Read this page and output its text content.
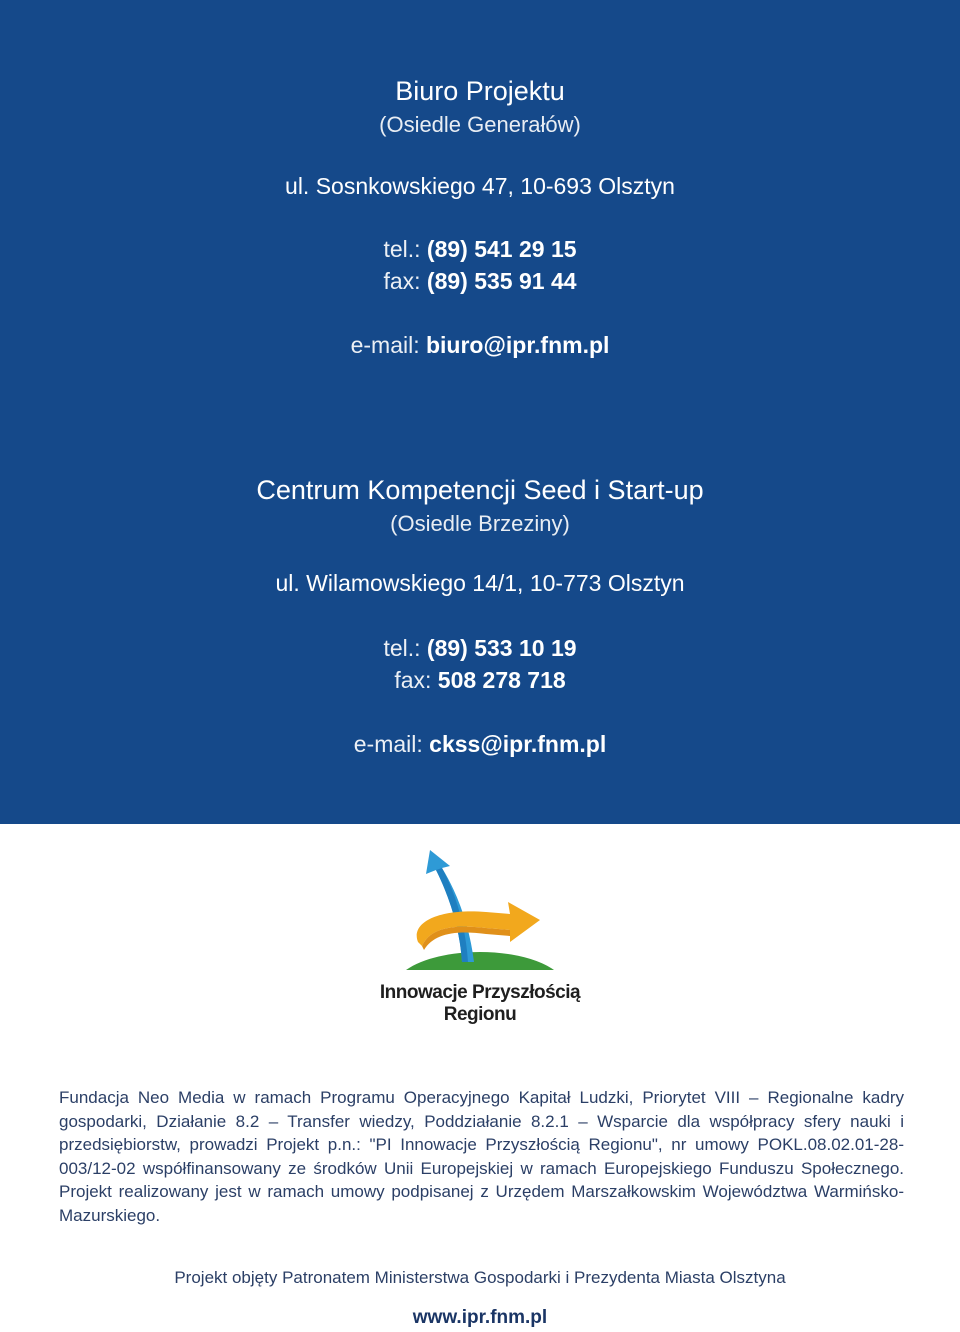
Biuro Projektu
(Osiedle Generałów)
ul. Sosnkowskiego 47, 10-693 Olsztyn
tel.: (89) 541 29 15
fax: (89) 535 91 44
e-mail: biuro@ipr.fnm.pl
Centrum Kompetencji Seed i Start-up
(Osiedle Brzeziny)
ul. Wilamowskiego 14/1, 10-773 Olsztyn
tel.: (89) 533 10 19
fax: 508 278 718
e-mail: ckss@ipr.fnm.pl
Innowacje Przyszłością
Regionu
Fundacja Neo Media w ramach Programu Operacyjnego Kapitał Ludzki, Priorytet VIII – Regionalne kadry gospodarki, Działanie 8.2 – Transfer wiedzy, Poddziałanie 8.2.1 – Wsparcie dla współpracy sfery nauki i przedsiębiorstw, prowadzi Projekt p.n.: "PI Innowacje Przyszłością Regionu", nr umowy POKL.08.02.01-28-003/12-02 współfinansowany ze środków Unii Europejskiej w ramach Europejskiego Funduszu Społecznego. Projekt realizowany jest w ramach umowy podpisanej z Urzędem Marszałkowskim Województwa Warmińsko-Mazurskiego.
Projekt objęty Patronatem Ministerstwa Gospodarki i Prezydenta Miasta Olsztyna
www.ipr.fnm.pl
